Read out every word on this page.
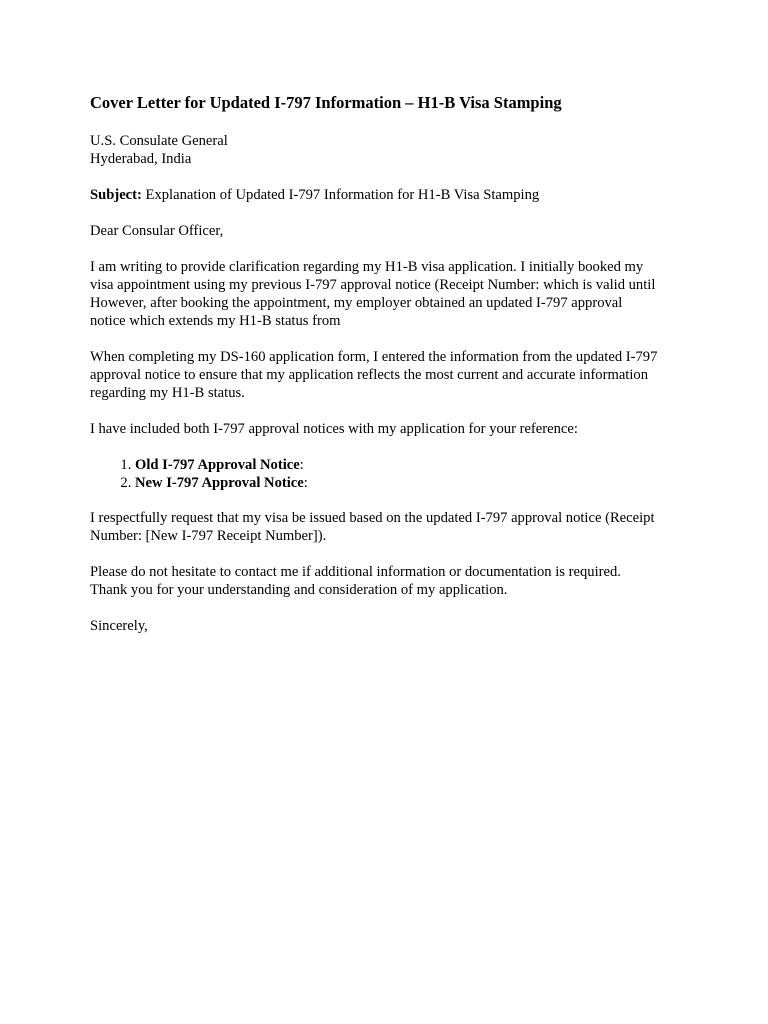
Cover Letter for Updated I-797 Information – H1-B Visa Stamping

U.S. Consulate General
Hyderabad, India

Subject: Explanation of Updated I-797 Information for H1-B Visa Stamping

Dear Consular Officer,

I am writing to provide clarification regarding my H1-B visa application. I initially booked my
visa appointment using my previous I-797 approval notice (Receipt Number: which is valid until
However, after booking the appointment, my employer obtained an updated I-797 approval
notice which extends my H1-B status from

When completing my DS-160 application form, I entered the information from the updated I-797
approval notice to ensure that my application reflects the most current and accurate information
regarding my H1-B status.

I have included both I-797 approval notices with my application for your reference:

1. Old I-797 Approval Notice:
2. New I-797 Approval Notice:

I respectfully request that my visa be issued based on the updated I-797 approval notice (Receipt
Number: [New I-797 Receipt Number]).

Please do not hesitate to contact me if additional information or documentation is required.
Thank you for your understanding and consideration of my application.

Sincerely,
